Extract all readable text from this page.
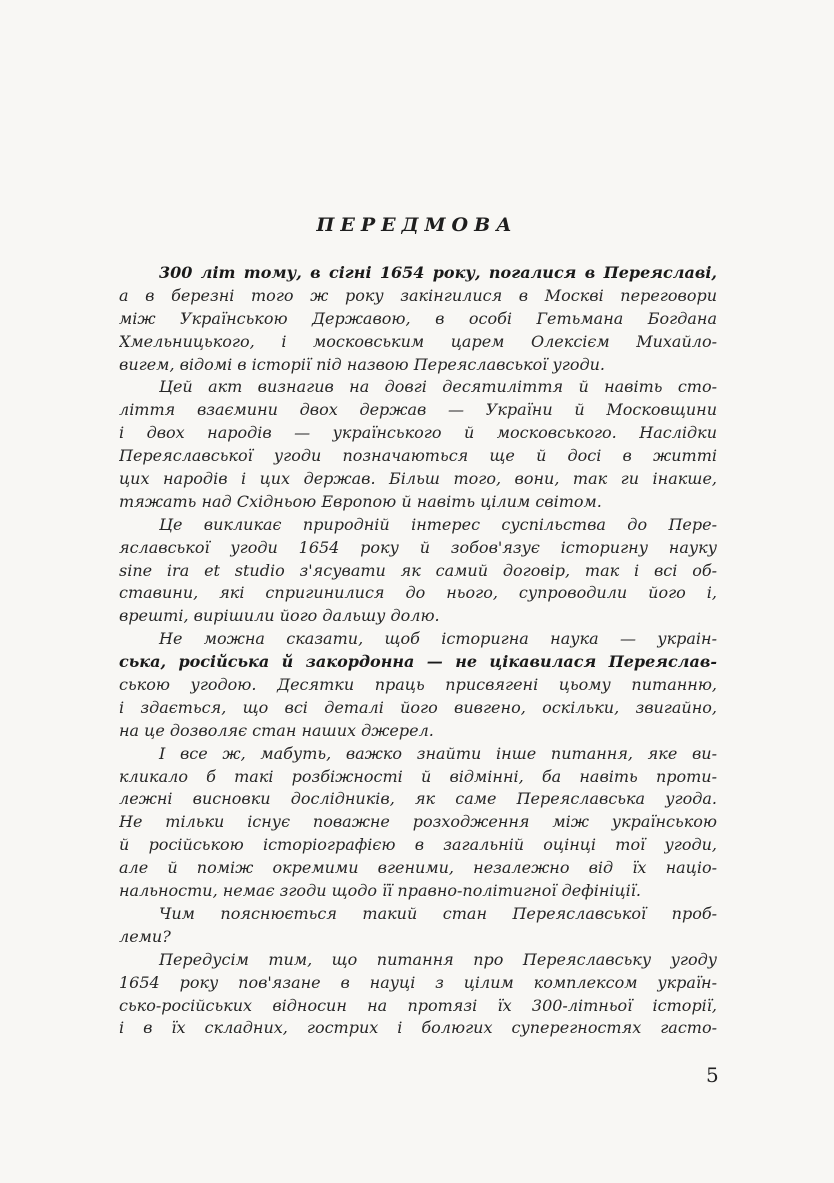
ПЕРЕДМОВА
300 літ тому, в сігні 1654 року, погалися в Переяславі,
а в березні того ж року закінгилися в Москві переговори
між Українською Державою, в особі Гетьмана Богдана
Хмельницького, і московським царем Олексієм Михайло-
вигем, відомі в історії під назвою Переяславської угоди.
Цей акт визнагив на довгі десятиліття й навіть сто-
ліття взаємини двох держав — України й Московщини
і двох народів — українського й московського. Наслідки
Переяславської угоди позначаються ще й досі в житті
цих народів і цих держав. Більш того, вони, так ги інакше,
тяжать над Східньою Европою й навіть цілим світом.
Це викликає природній інтерес суспільства до Пере-
яславської угоди 1654 року й зобов'язує історигну науку
sine ira et studio з'ясувати як самий договір, так і всі об-
ставини, які спригинилися до нього, супроводили його і,
врешті, вирішили його дальшу долю.
Не можна сказати, щоб історигна наука — украін-
ська, російська й закордонна — не цікавилася Переяслав-
ською угодою. Десятки праць присвягені цьому питанню,
і здається, що всі деталі його вивгено, оскільки, звигайно,
на це дозволяє стан наших джерел.
І все ж, мабуть, важко знайти інше питання, яке ви-
кликало б такі розбіжності й відмінні, ба навіть проти-
лежні висновки дослідників, як саме Переяславська угода.
Не тільки існує поважне розходження між українською
й російською історіографією в загальній оцінці тої угоди,
але й поміж окремими вгеними, незалежно від їх націо-
нальности, немає згоди щодо її правно-політигної дефініції.
Чим пояснюється такий стан Переяславської проб-
леми?
Передусім тим, що питання про Переяславську угоду
1654 року пов'язане в науці з цілим комплексом україн-
сько-російських відносин на протязі їх 300-літньої історії,
і в їх складних, гострих і болюгих суперегностях гасто-
5
